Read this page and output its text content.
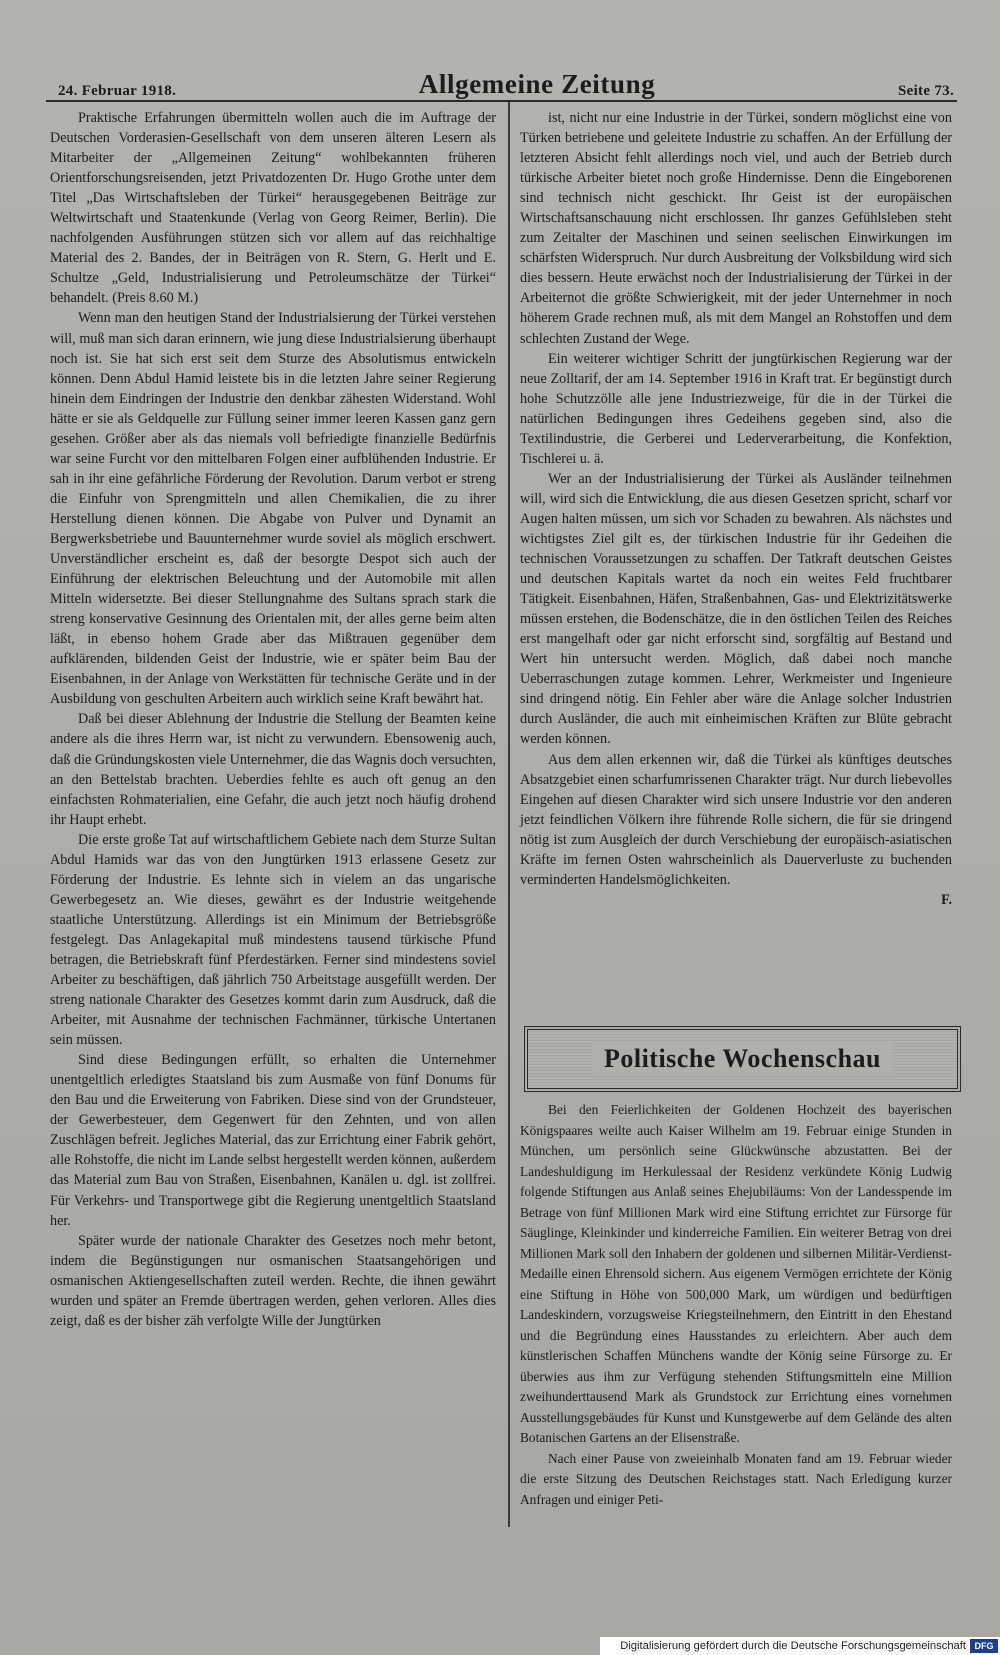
24. Februar 1918.	Allgemeine Zeitung	Seite 73.

Praktische Erfahrungen übermitteln wollen auch die im Auftrage der Deutschen Vorderasien-Gesellschaft von dem unseren älteren Lesern als Mitarbeiter der „Allgemeinen Zeitung“ wohlbekannten früheren Orientforschungsreisenden, jetzt Privatdozenten Dr. Hugo Grothe unter dem Titel „Das Wirtschaftsleben der Türkei“ herausgegebenen Beiträge zur Weltwirtschaft und Staatenkunde (Verlag von Georg Reimer, Berlin). Die nachfolgenden Ausführungen stützen sich vor allem auf das reichhaltige Material des 2. Bandes, der in Beiträgen von R. Stern, G. Herlt und E. Schultze „Geld, Industrialisierung und Petroleumschätze der Türkei“ behandelt. (Preis 8.60 M.)

Wenn man den heutigen Stand der Industrialsierung der Türkei verstehen will, muß man sich daran erinnern, wie jung diese Industrialsierung überhaupt noch ist. Sie hat sich erst seit dem Sturze des Absolutismus entwickeln können. Denn Abdul Hamid leistete bis in die letzten Jahre seiner Regierung hinein dem Eindringen der Industrie den denkbar zähesten Widerstand. Wohl hätte er sie als Geldquelle zur Füllung seiner immer leeren Kassen ganz gern gesehen. Größer aber als das niemals voll befriedigte finanzielle Bedürfnis war seine Furcht vor den mittelbaren Folgen einer aufblühenden Industrie. Er sah in ihr eine gefährliche Förderung der Revolution. Darum verbot er streng die Einfuhr von Sprengmitteln und allen Chemikalien, die zu ihrer Herstellung dienen können. Die Abgabe von Pulver und Dynamit an Bergwerksbetriebe und Bauunternehmer wurde soviel als möglich erschwert. Unverständlicher erscheint es, daß der besorgte Despot sich auch der Einführung der elektrischen Beleuchtung und der Automobile mit allen Mitteln widersetzte. Bei dieser Stellungnahme des Sultans sprach stark die streng konservative Gesinnung des Orientalen mit, der alles gerne beim alten läßt, in ebenso hohem Grade aber das Mißtrauen gegenüber dem aufklärenden, bildenden Geist der Industrie, wie er später beim Bau der Eisenbahnen, in der Anlage von Werkstätten für technische Geräte und in der Ausbildung von geschulten Arbeitern auch wirklich seine Kraft bewährt hat.

Daß bei dieser Ablehnung der Industrie die Stellung der Beamten keine andere als die ihres Herrn war, ist nicht zu verwundern. Ebensowenig auch, daß die Gründungskosten viele Unternehmer, die das Wagnis doch versuchten, an den Bettelstab brachten. Ueberdies fehlte es auch oft genug an den einfachsten Rohmaterialien, eine Gefahr, die auch jetzt noch häufig drohend ihr Haupt erhebt.

Die erste große Tat auf wirtschaftlichem Gebiete nach dem Sturze Sultan Abdul Hamids war das von den Jungtürken 1913 erlassene Gesetz zur Förderung der Industrie. Es lehnte sich in vielem an das ungarische Gewerbegesetz an. Wie dieses, gewährt es der Industrie weitgehende staatliche Unterstützung. Allerdings ist ein Minimum der Betriebsgröße festgelegt. Das Anlagekapital muß mindestens tausend türkische Pfund betragen, die Betriebskraft fünf Pferdestärken. Ferner sind mindestens soviel Arbeiter zu beschäftigen, daß jährlich 750 Arbeitstage ausgefüllt werden. Der streng nationale Charakter des Gesetzes kommt darin zum Ausdruck, daß die Arbeiter, mit Ausnahme der technischen Fachmänner, türkische Untertanen sein müssen.

Sind diese Bedingungen erfüllt, so erhalten die Unternehmer unentgeltlich erledigtes Staatsland bis zum Ausmaße von fünf Donums für den Bau und die Erweiterung von Fabriken. Diese sind von der Grundsteuer, der Gewerbesteuer, dem Gegenwert für den Zehnten, und von allen Zuschlägen befreit. Jegliches Material, das zur Errichtung einer Fabrik gehört, alle Rohstoffe, die nicht im Lande selbst hergestellt werden können, außerdem das Material zum Bau von Straßen, Eisenbahnen, Kanälen u. dgl. ist zollfrei. Für Verkehrs- und Transportwege gibt die Regierung unentgeltlich Staatsland her.

Später wurde der nationale Charakter des Gesetzes noch mehr betont, indem die Begünstigungen nur osmanischen Staatsangehörigen und osmanischen Aktiengesellschaften zuteil werden. Rechte, die ihnen gewährt wurden und später an Fremde übertragen werden, gehen verloren. Alles dies zeigt, daß es der bisher zäh verfolgte Wille der Jungtürken

ist, nicht nur eine Industrie in der Türkei, sondern möglichst eine von Türken betriebene und geleitete Industrie zu schaffen. An der Erfüllung der letzteren Absicht fehlt allerdings noch viel, und auch der Betrieb durch türkische Arbeiter bietet noch große Hindernisse. Denn die Eingeborenen sind technisch nicht geschickt. Ihr Geist ist der europäischen Wirtschaftsanschauung nicht erschlossen. Ihr ganzes Gefühlsleben steht zum Zeitalter der Maschinen und seinen seelischen Einwirkungen im schärfsten Widerspruch. Nur durch Ausbreitung der Volksbildung wird sich dies bessern. Heute erwächst noch der Industrialisierung der Türkei in der Arbeiternot die größte Schwierigkeit, mit der jeder Unternehmer in noch höherem Grade rechnen muß, als mit dem Mangel an Rohstoffen und dem schlechten Zustand der Wege.

Ein weiterer wichtiger Schritt der jungtürkischen Regierung war der neue Zolltarif, der am 14. September 1916 in Kraft trat. Er begünstigt durch hohe Schutzzölle alle jene Industriezweige, für die in der Türkei die natürlichen Bedingungen ihres Gedeihens gegeben sind, also die Textilindustrie, die Gerberei und Lederverarbeitung, die Konfektion, Tischlerei u. ä.

Wer an der Industrialisierung der Türkei als Ausländer teilnehmen will, wird sich die Entwicklung, die aus diesen Gesetzen spricht, scharf vor Augen halten müssen, um sich vor Schaden zu bewahren. Als nächstes und wichtigstes Ziel gilt es, der türkischen Industrie für ihr Gedeihen die technischen Voraussetzungen zu schaffen. Der Tatkraft deutschen Geistes und deutschen Kapitals wartet da noch ein weites Feld fruchtbarer Tätigkeit. Eisenbahnen, Häfen, Straßenbahnen, Gas- und Elektrizitätswerke müssen erstehen, die Bodenschätze, die in den östlichen Teilen des Reiches erst mangelhaft oder gar nicht erforscht sind, sorgfältig auf Bestand und Wert hin untersucht werden. Möglich, daß dabei noch manche Ueberraschungen zutage kommen. Lehrer, Werkmeister und Ingenieure sind dringend nötig. Ein Fehler aber wäre die Anlage solcher Industrien durch Ausländer, die auch mit einheimischen Kräften zur Blüte gebracht werden können.

Aus dem allen erkennen wir, daß die Türkei als künftiges deutsches Absatzgebiet einen scharfumrissenen Charakter trägt. Nur durch liebevolles Eingehen auf diesen Charakter wird sich unsere Industrie vor den anderen jetzt feindlichen Völkern ihre führende Rolle sichern, die für sie dringend nötig ist zum Ausgleich der durch Verschiebung der europäisch-asiatischen Kräfte im fernen Osten wahrscheinlich als Dauerverluste zu buchenden verminderten Handelsmöglichkeiten.

F.

Politische Wochenschau

Bei den Feierlichkeiten der Goldenen Hochzeit des bayerischen Königspaares weilte auch Kaiser Wilhelm am 19. Februar einige Stunden in München, um persönlich seine Glückwünsche abzustatten. Bei der Landeshuldigung im Herkulessaal der Residenz verkündete König Ludwig folgende Stiftungen aus Anlaß seines Ehejubiläums: Von der Landesspende im Betrage von fünf Millionen Mark wird eine Stiftung errichtet zur Fürsorge für Säuglinge, Kleinkinder und kinderreiche Familien. Ein weiterer Betrag von drei Millionen Mark soll den Inhabern der goldenen und silbernen Militär-Verdienst-Medaille einen Ehrensold sichern. Aus eigenem Vermögen errichtete der König eine Stiftung in Höhe von 500,000 Mark, um würdigen und bedürftigen Landeskindern, vorzugsweise Kriegsteilnehmern, den Eintritt in den Ehestand und die Begründung eines Hausstandes zu erleichtern. Aber auch dem künstlerischen Schaffen Münchens wandte der König seine Fürsorge zu. Er überwies aus ihm zur Verfügung stehenden Stiftungsmitteln eine Million zweihunderttausend Mark als Grundstock zur Errichtung eines vornehmen Ausstellungsgebäudes für Kunst und Kunstgewerbe auf dem Gelände des alten Botanischen Gartens an der Elisenstraße.

Nach einer Pause von zweieinhalb Monaten fand am 19. Februar wieder die erste Sitzung des Deutschen Reichstages statt. Nach Erledigung kurzer Anfragen und einiger Peti-

Digitalisierung gefördert durch die Deutsche Forschungsgemeinschaft DFG
